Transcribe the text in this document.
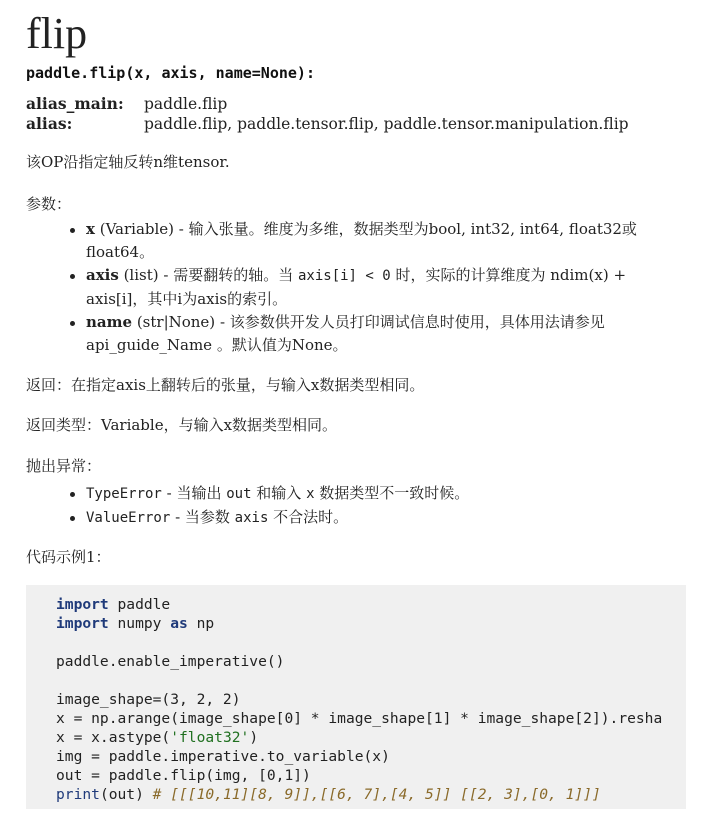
flip
paddle.flip(x, axis, name=None):
alias_main:	paddle.flip
alias:	paddle.flip, paddle.tensor.flip, paddle.tensor.manipulation.flip
该OP沿指定轴反转n维tensor.
参数：
x (Variable) - 输入张量。维度为多维，数据类型为bool, int32, int64, float32或float64。
axis (list) - 需要翻转的轴。当 axis[i] < 0 时，实际的计算维度为 ndim(x) + axis[i]，其中i为axis的索引。
name (str|None) - 该参数供开发人员打印调试信息时使用，具体用法请参见 api_guide_Name 。默认值为None。
返回：在指定axis上翻转后的张量，与输入x数据类型相同。
返回类型：Variable，与输入x数据类型相同。
抛出异常：
TypeError - 当输出 out 和输入 x 数据类型不一致时候。
ValueError - 当参数 axis 不合法时。
代码示例1：
import paddle
import numpy as np

paddle.enable_imperative()

image_shape=(3, 2, 2)
x = np.arange(image_shape[0] * image_shape[1] * image_shape[2]).resha
x = x.astype('float32')
img = paddle.imperative.to_variable(x)
out = paddle.flip(img, [0,1])
print(out) # [[[10,11][8, 9]],[[6, 7],[4, 5]] [[2, 3],[0, 1]]]
